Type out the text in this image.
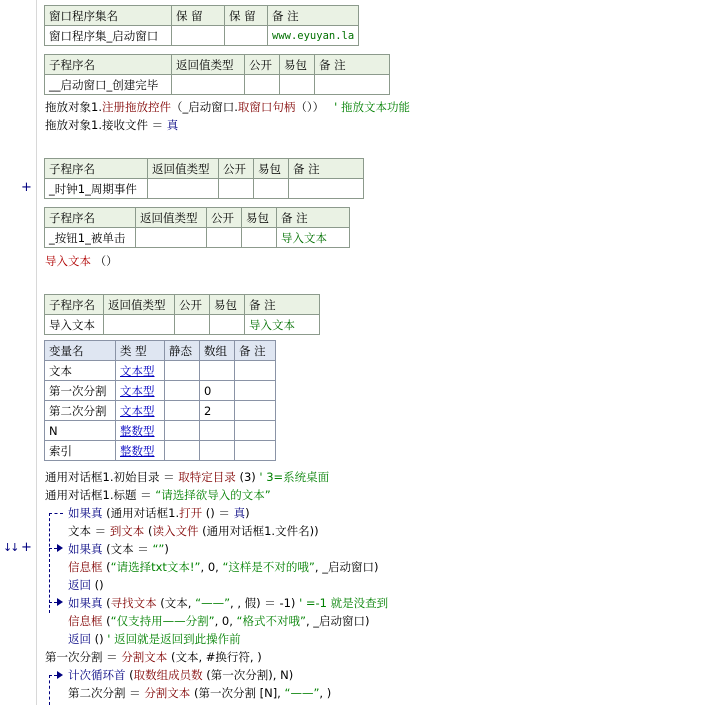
+
↓↓ +
窗口程序集名	保 留	保 留	备 注
窗口程序集_启动窗口			www.eyuyan.la
子程序名	返回值类型	公开	易包	备 注
__启动窗口_创建完毕				
拖放对象1.注册拖放控件（_启动窗口.取窗口句柄（）） ' 拖放文本功能
拖放对象1.接收文件 ＝ 真
子程序名	返回值类型	公开	易包	备 注
_时钟1_周期事件				
子程序名	返回值类型	公开	易包	备 注
_按钮1_被单击				导入文本
导入文本 （）
子程序名	返回值类型	公开	易包	备 注
导入文本				导入文本
变量名	类 型	静态	数组	备 注
文本	文本型			
第一次分割	文本型		0	
第二次分割	文本型		2	
N	整数型			
索引	整数型			
通用对话框1.初始目录 ＝ 取特定目录 (3) ' 3=系统桌面
通用对话框1.标题 ＝ “请选择欲导入的文本”
如果真 (通用对话框1.打开 () ＝ 真)
文本 ＝ 到文本 (读入文件 (通用对话框1.文件名))
如果真 (文本 ＝ “”)
信息框 (“请选择txt文本!”, 0, “这样是不对的哦”, _启动窗口)
返回 ()
如果真 (寻找文本 (文本, “——”, , 假) ＝ -1) ' =-1 就是没查到
信息框 (“仅支持用——分割”, 0, “格式不对哦”, _启动窗口)
返回 () ' 返回就是返回到此操作前
第一次分割 ＝ 分割文本 (文本, #换行符, )
计次循环首 (取数组成员数 (第一次分割), N)
第二次分割 ＝ 分割文本 (第一次分割 [N], “——”, )
